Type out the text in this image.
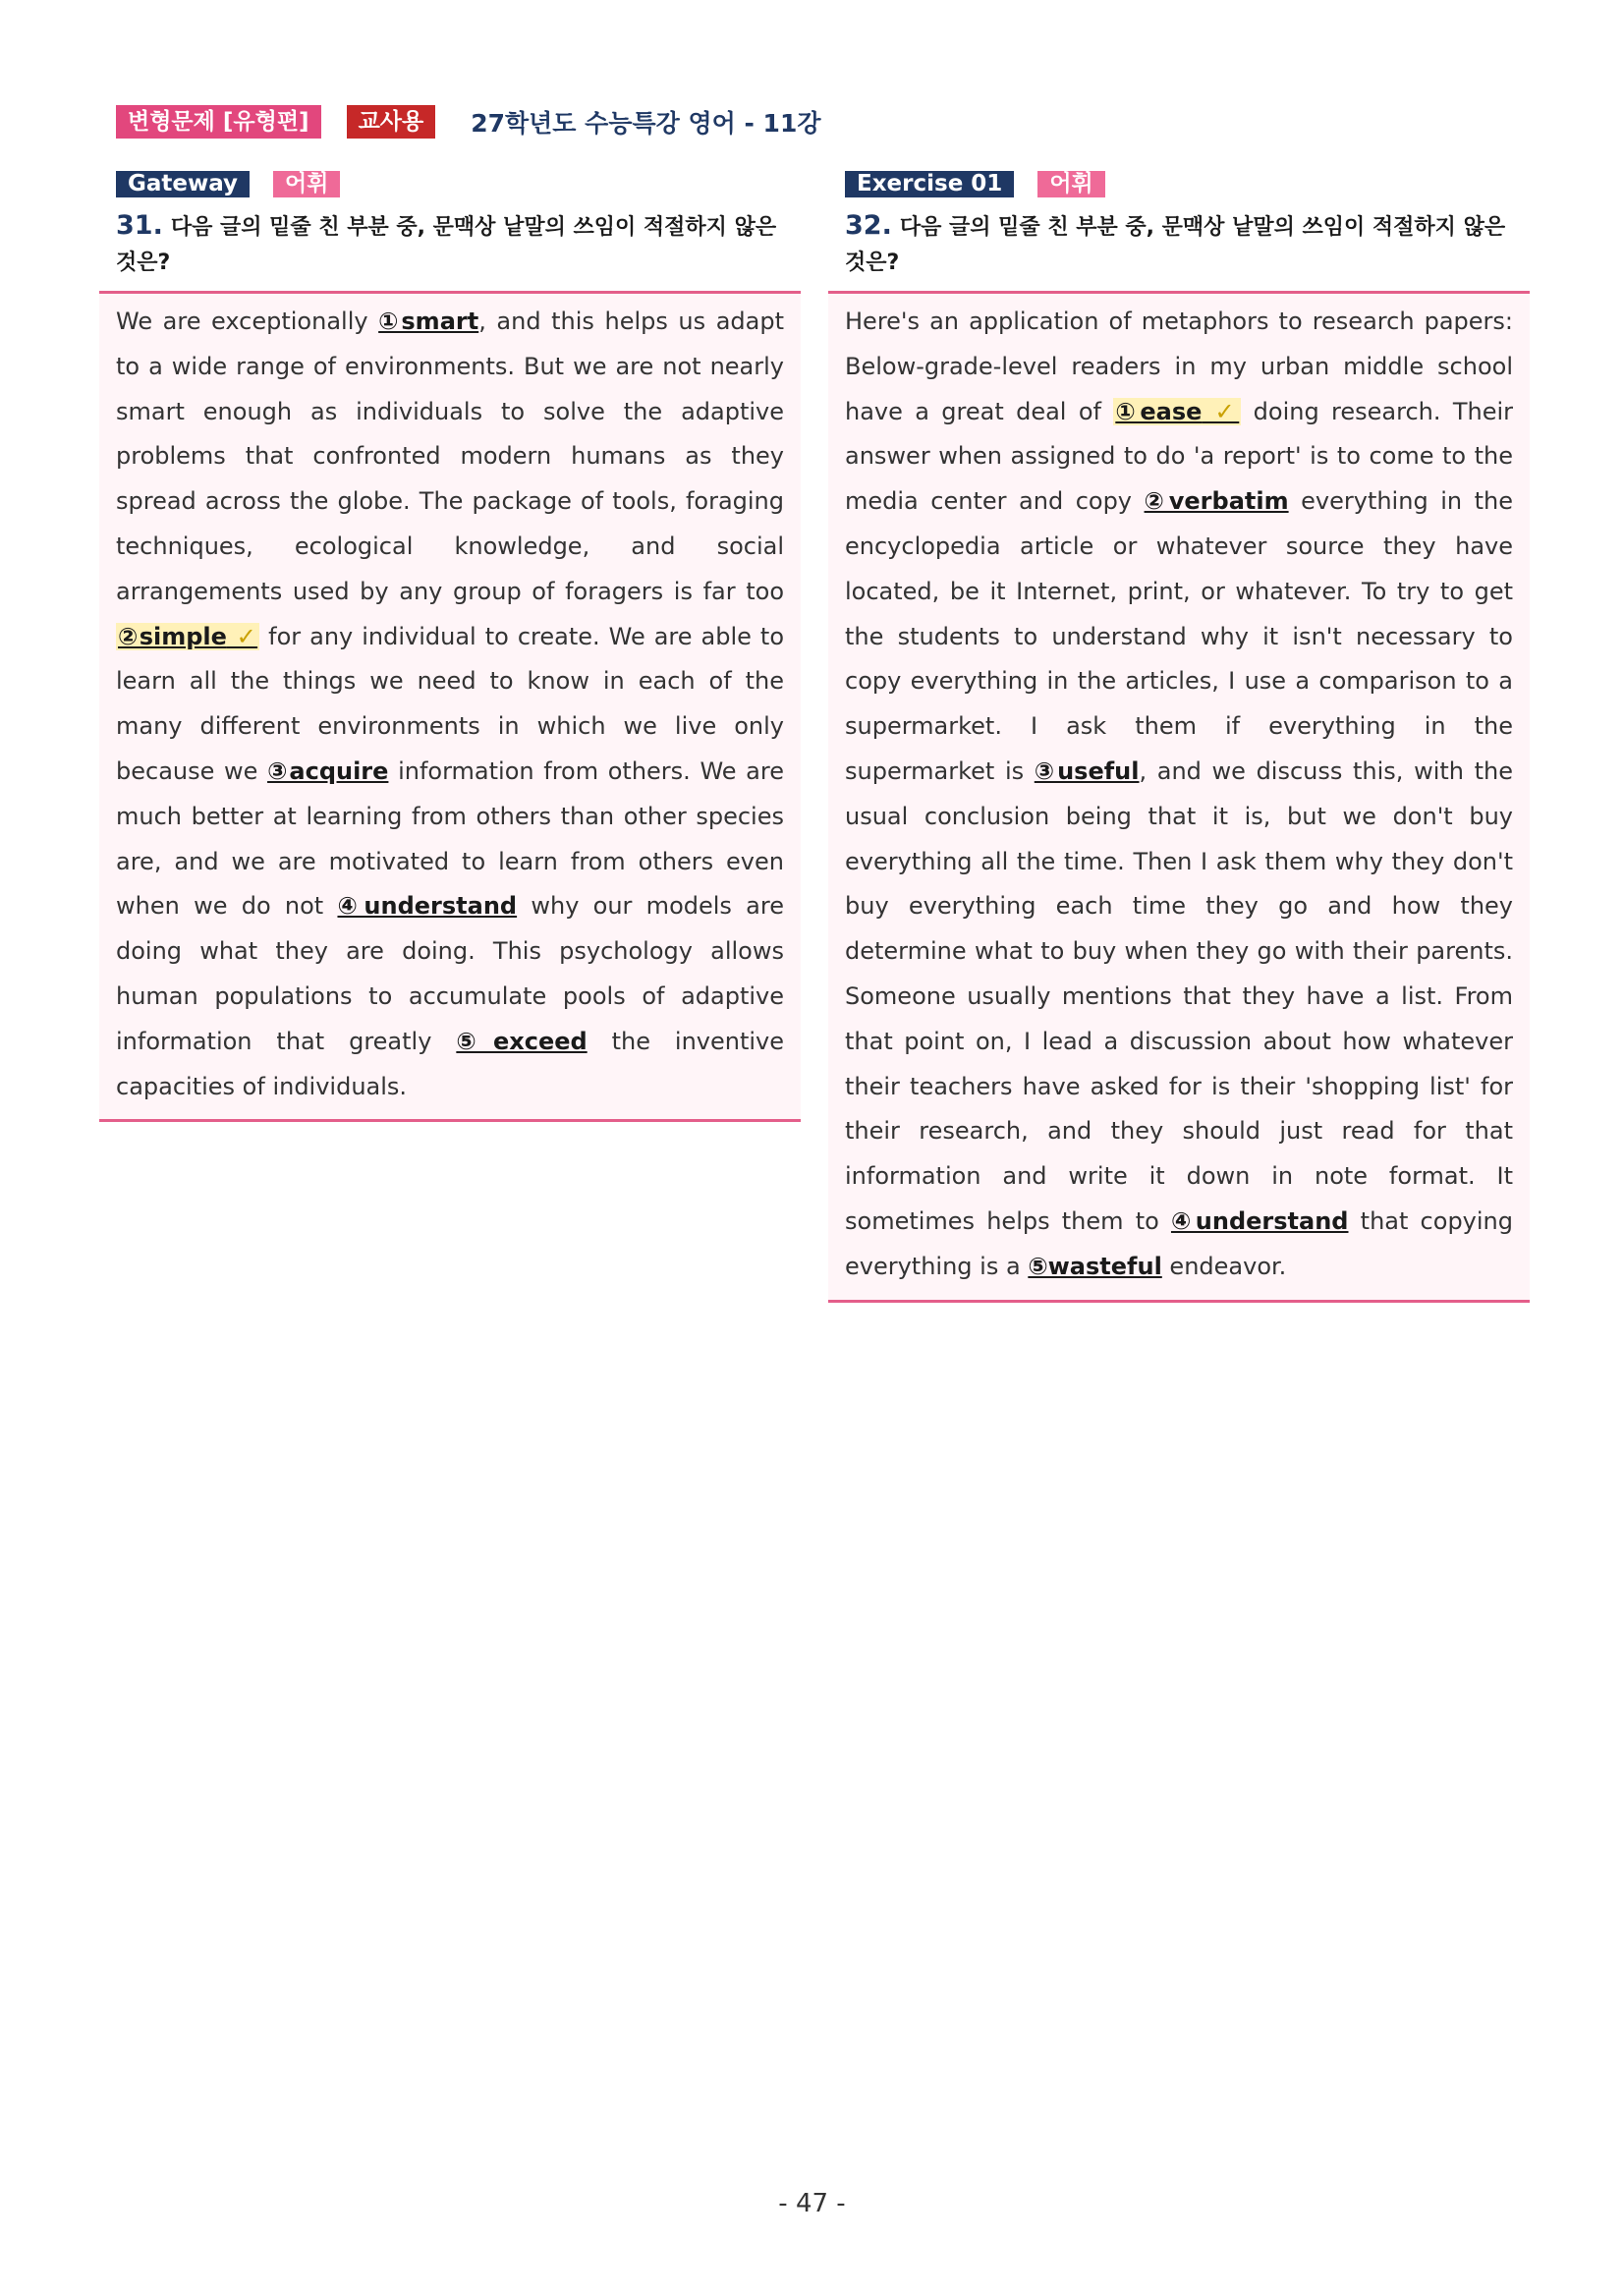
변형문제 [유형편]	교사용	27학년도 수능특강 영어 - 11강
Gateway	어휘
31. 다음 글의 밑줄 친 부분 중, 문맥상 낱말의 쓰임이 적절하지 않은 것은?
We are exceptionally ①smart, and this helps us adapt to a wide range of environments. But we are not nearly smart enough as individuals to solve the adaptive problems that confronted modern humans as they spread across the globe. The package of tools, foraging techniques, ecological knowledge, and social arrangements used by any group of foragers is far too ②simple ✓ for any individual to create. We are able to learn all the things we need to know in each of the many different environments in which we live only because we ③acquire information from others. We are much better at learning from others than other species are, and we are motivated to learn from others even when we do not ④understand why our models are doing what they are doing. This psychology allows human populations to accumulate pools of adaptive information that greatly ⑤exceed the inventive capacities of individuals.
Exercise 01	어휘
32. 다음 글의 밑줄 친 부분 중, 문맥상 낱말의 쓰임이 적절하지 않은 것은?
Here's an application of metaphors to research papers: Below-grade-level readers in my urban middle school have a great deal of ①ease ✓ doing research. Their answer when assigned to do 'a report' is to come to the media center and copy ②verbatim everything in the encyclopedia article or whatever source they have located, be it Internet, print, or whatever. To try to get the students to understand why it isn't necessary to copy everything in the articles, I use a comparison to a supermarket. I ask them if everything in the supermarket is ③useful, and we discuss this, with the usual conclusion being that it is, but we don't buy everything all the time. Then I ask them why they don't buy everything each time they go and how they determine what to buy when they go with their parents. Someone usually mentions that they have a list. From that point on, I lead a discussion about how whatever their teachers have asked for is their 'shopping list' for their research, and they should just read for that information and write it down in note format. It sometimes helps them to ④understand that copying everything is a ⑤wasteful endeavor.
- 47 -
